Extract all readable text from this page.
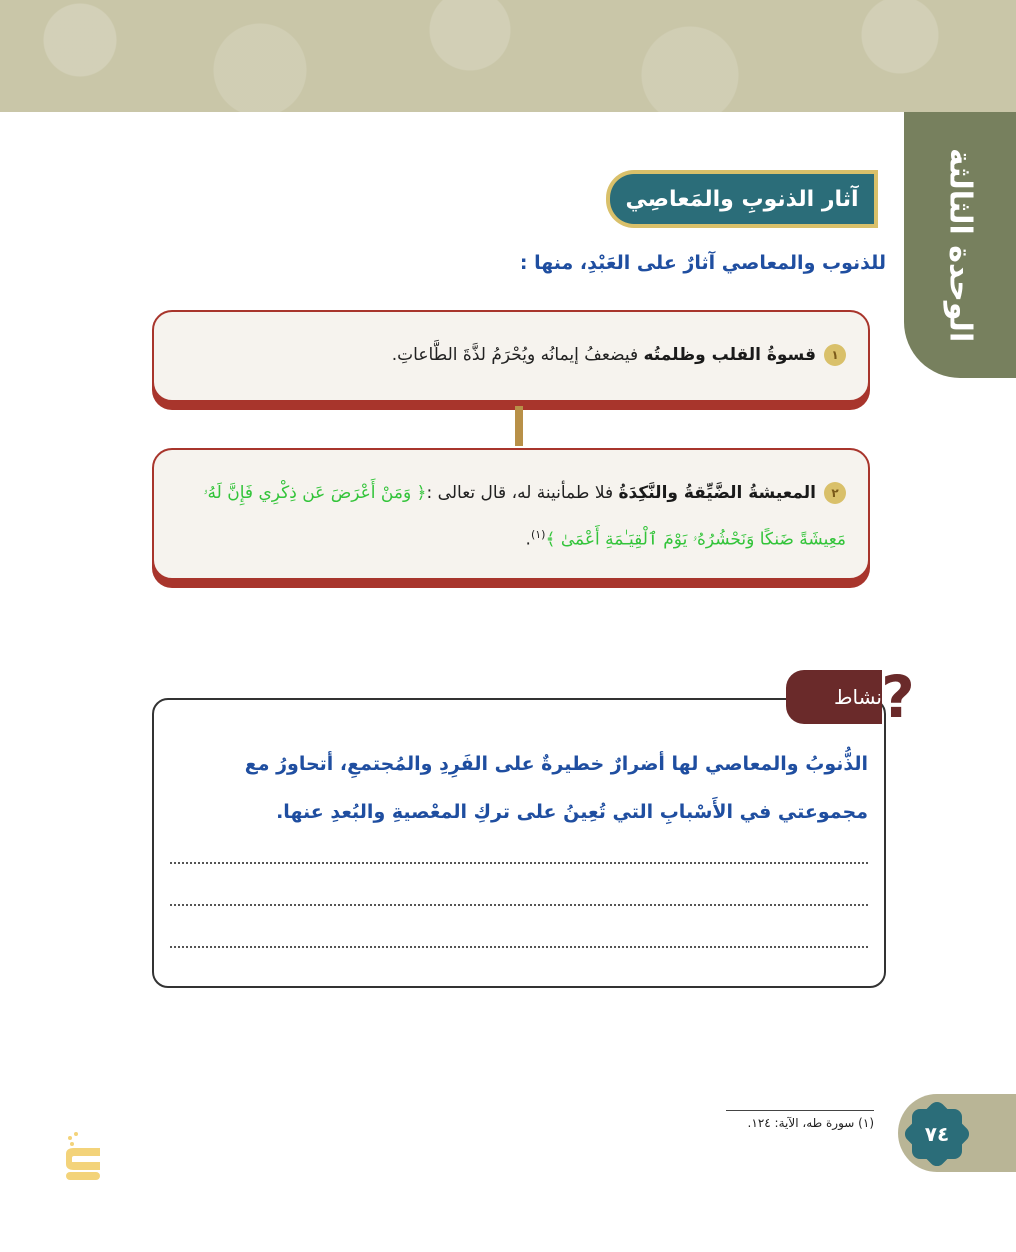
الوحدة الثالثة
آثار الذنوبِ والمَعاصِي
للذنوب والمعاصي آثارٌ على العَبْدِ، منها :
١قسوةُ القلب وظلمتُه فيضعفُ إيمانُه ويُحْرَمُ لذَّةَ الطَّاعاتِ.
٢المعيشةُ الضَّيِّقةُ والنَّكِدَةُ فلا طمأنينة له، قال تعالى :﴿ وَمَنْ أَعْرَضَ عَن ذِكْرِي فَإِنَّ لَهُۥ مَعِيشَةً ضَنكًا وَنَحْشُرُهُۥ يَوْمَ ٱلْقِيَـٰمَةِ أَعْمَىٰ ﴾$^{(١)}$.
الذُّنوبُ والمعاصي لها أضرارٌ خطيرةٌ على الفَرِدِ والمُجتمعِ، أتحاورُ مع مجموعتي في الأَسْبابِ التي تُعِينُ على تركِ المعْصيةِ والبُعدِ عنها.
نشاط ?
(١) سورة طه، الآية: ١٢٤.	٧٤
